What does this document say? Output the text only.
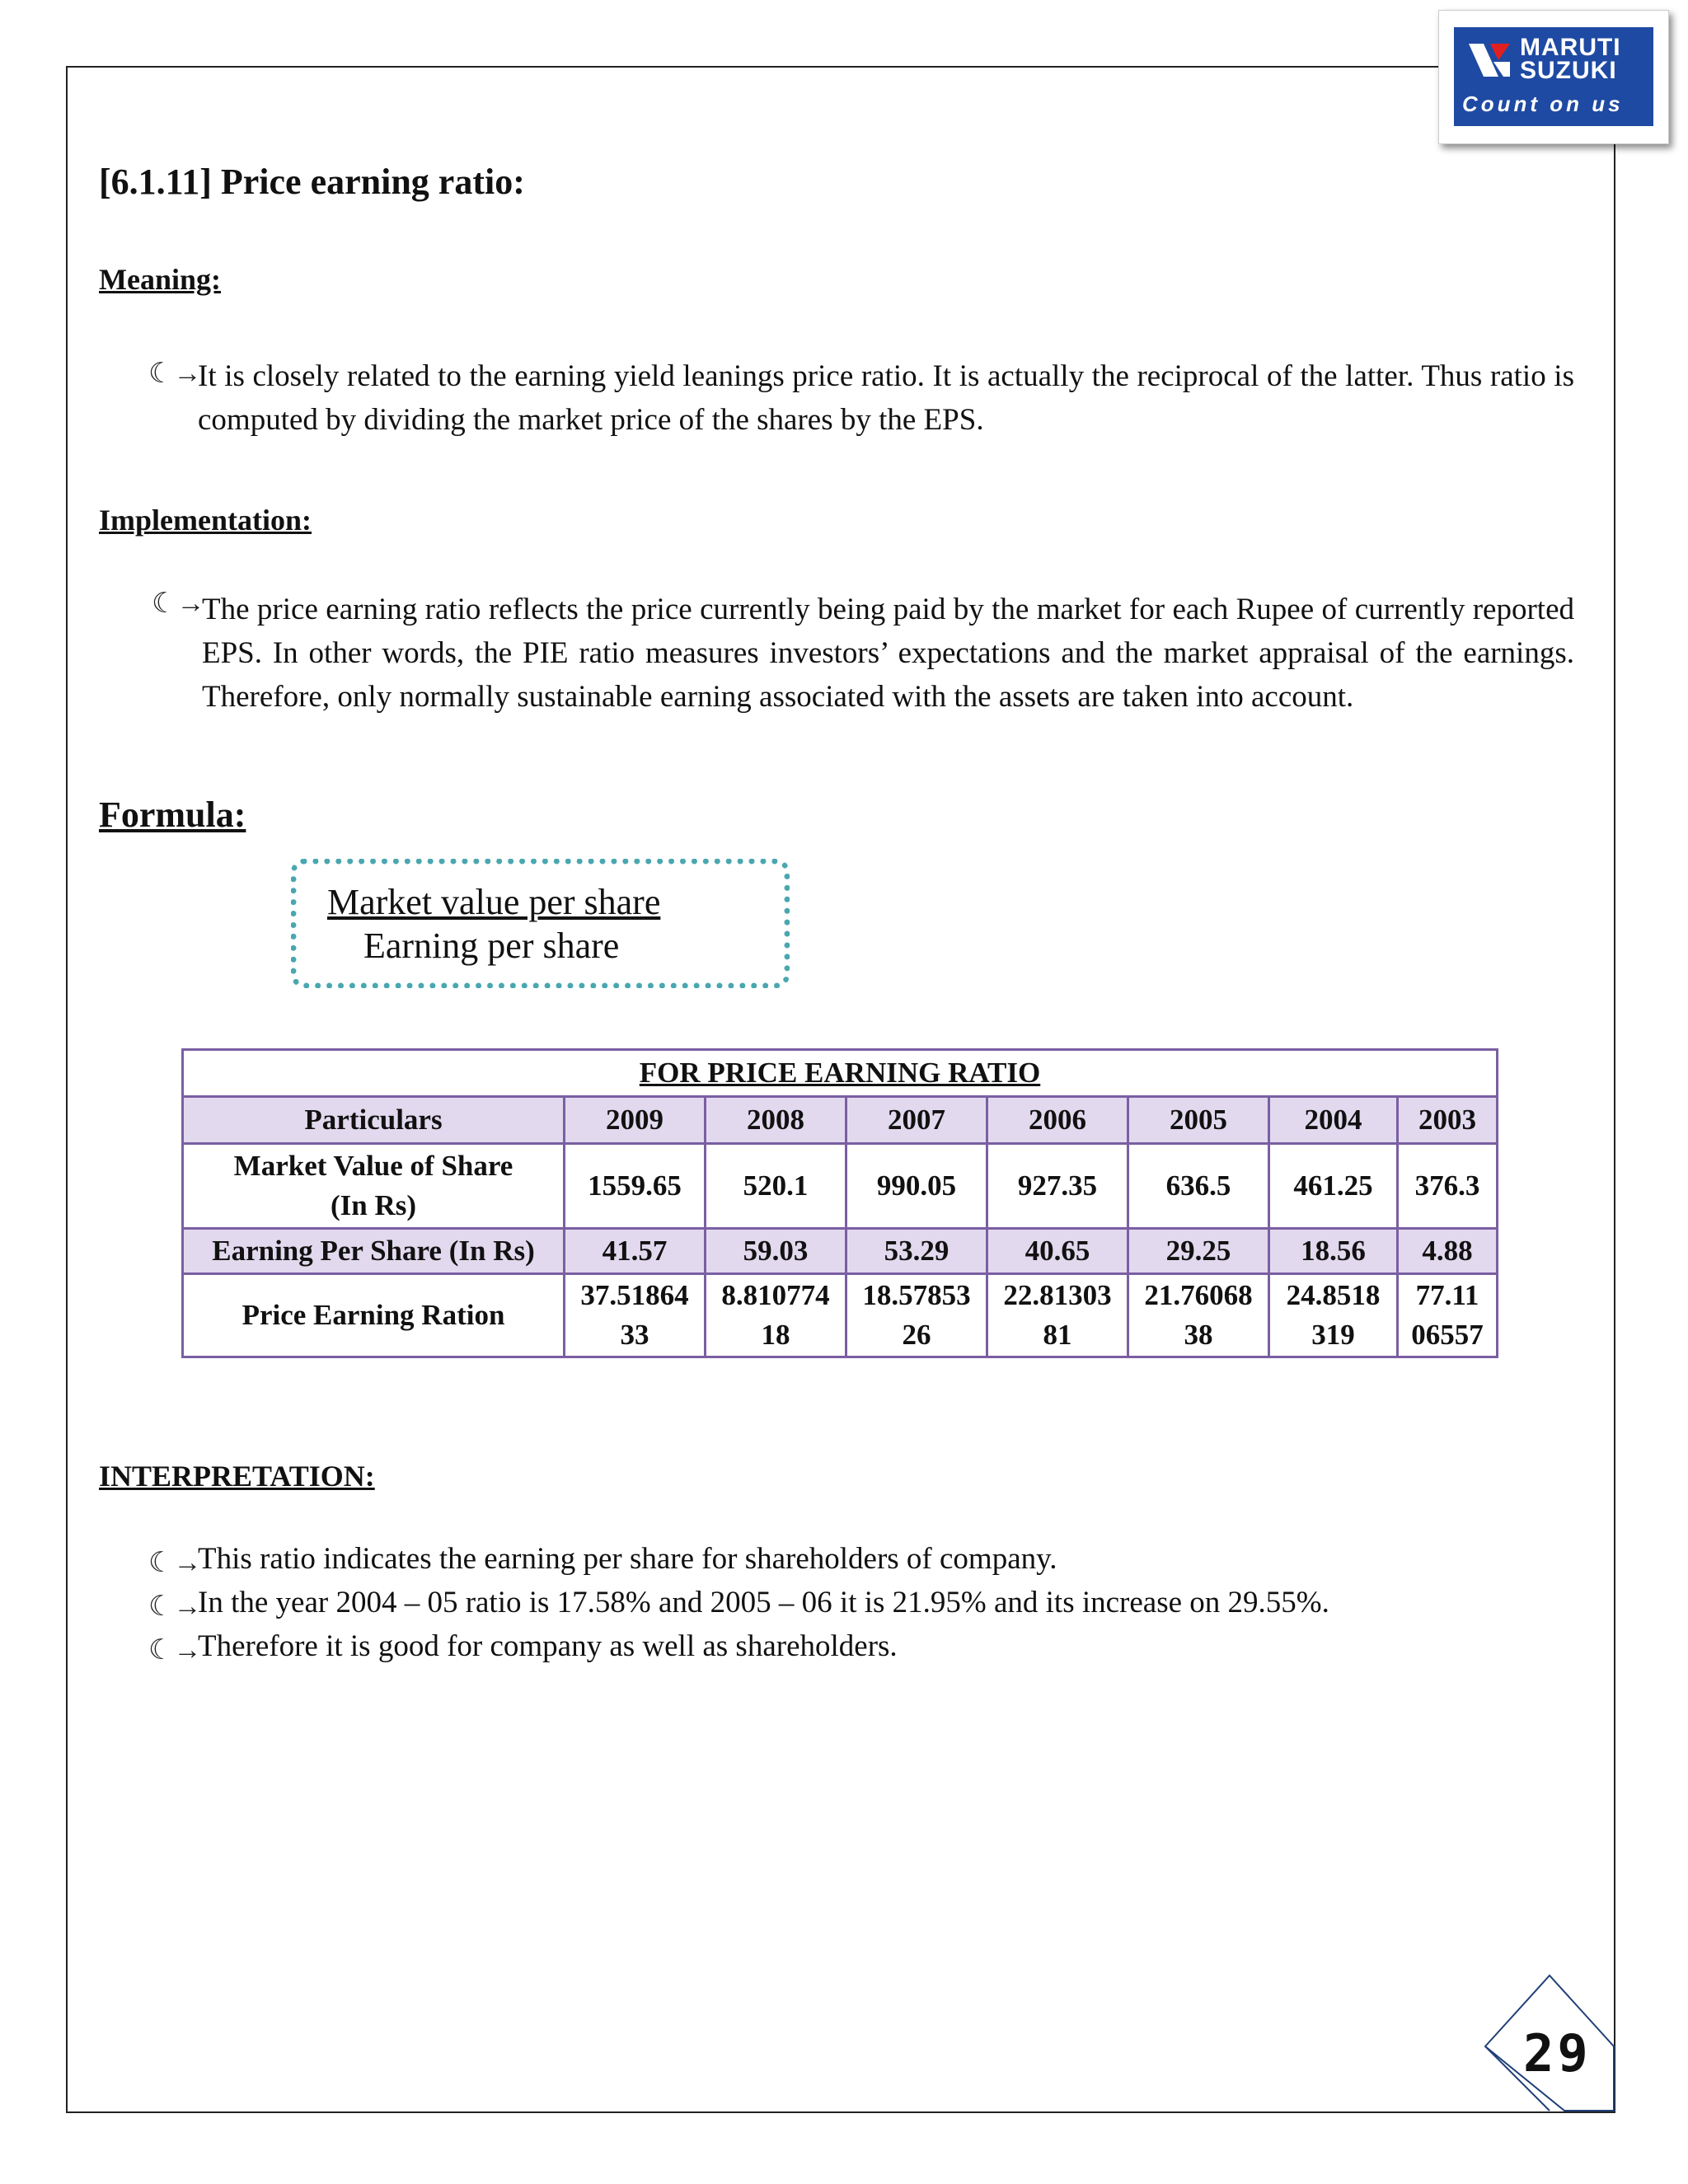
MARUTI
SUZUKI
Count on us
[6.1.11] Price earning ratio:
Meaning:
☾︎→
It is closely related to the earning yield leanings price ratio. It is actually the reciprocal of the latter. Thus ratio is computed by dividing the market price of the shares by the EPS.
Implementation:
☾︎→
The price earning ratio reflects the price currently being paid by the market for each Rupee of currently reported EPS. In other words, the PIE ratio measures investors’ expectations and the market appraisal of the earnings. Therefore, only normally sustainable earning associated with the assets are taken into account.
Formula:
Market value per share
Earning per share
FOR PRICE EARNING RATIO							
Particulars	2009	2008	2007	2006	2005	2004	2003
Market Value of Share (In Rs)	1559.65	520.1	990.05	927.35	636.5	461.25	376.3
Earning Per Share (In Rs)	41.57	59.03	53.29	40.65	29.25	18.56	4.88
Price Earning Ration	37.5186433	8.81077418	18.5785326	22.8130381	21.7606838	24.8518319	77.1106557
INTERPRETATION:
☾︎→
This ratio indicates the earning per share for shareholders of company.
☾︎→
In the year 2004 – 05 ratio is 17.58% and 2005 – 06 it is 21.95% and its increase on 29.55%.
☾︎→
Therefore it is good for company as well as shareholders.
29
